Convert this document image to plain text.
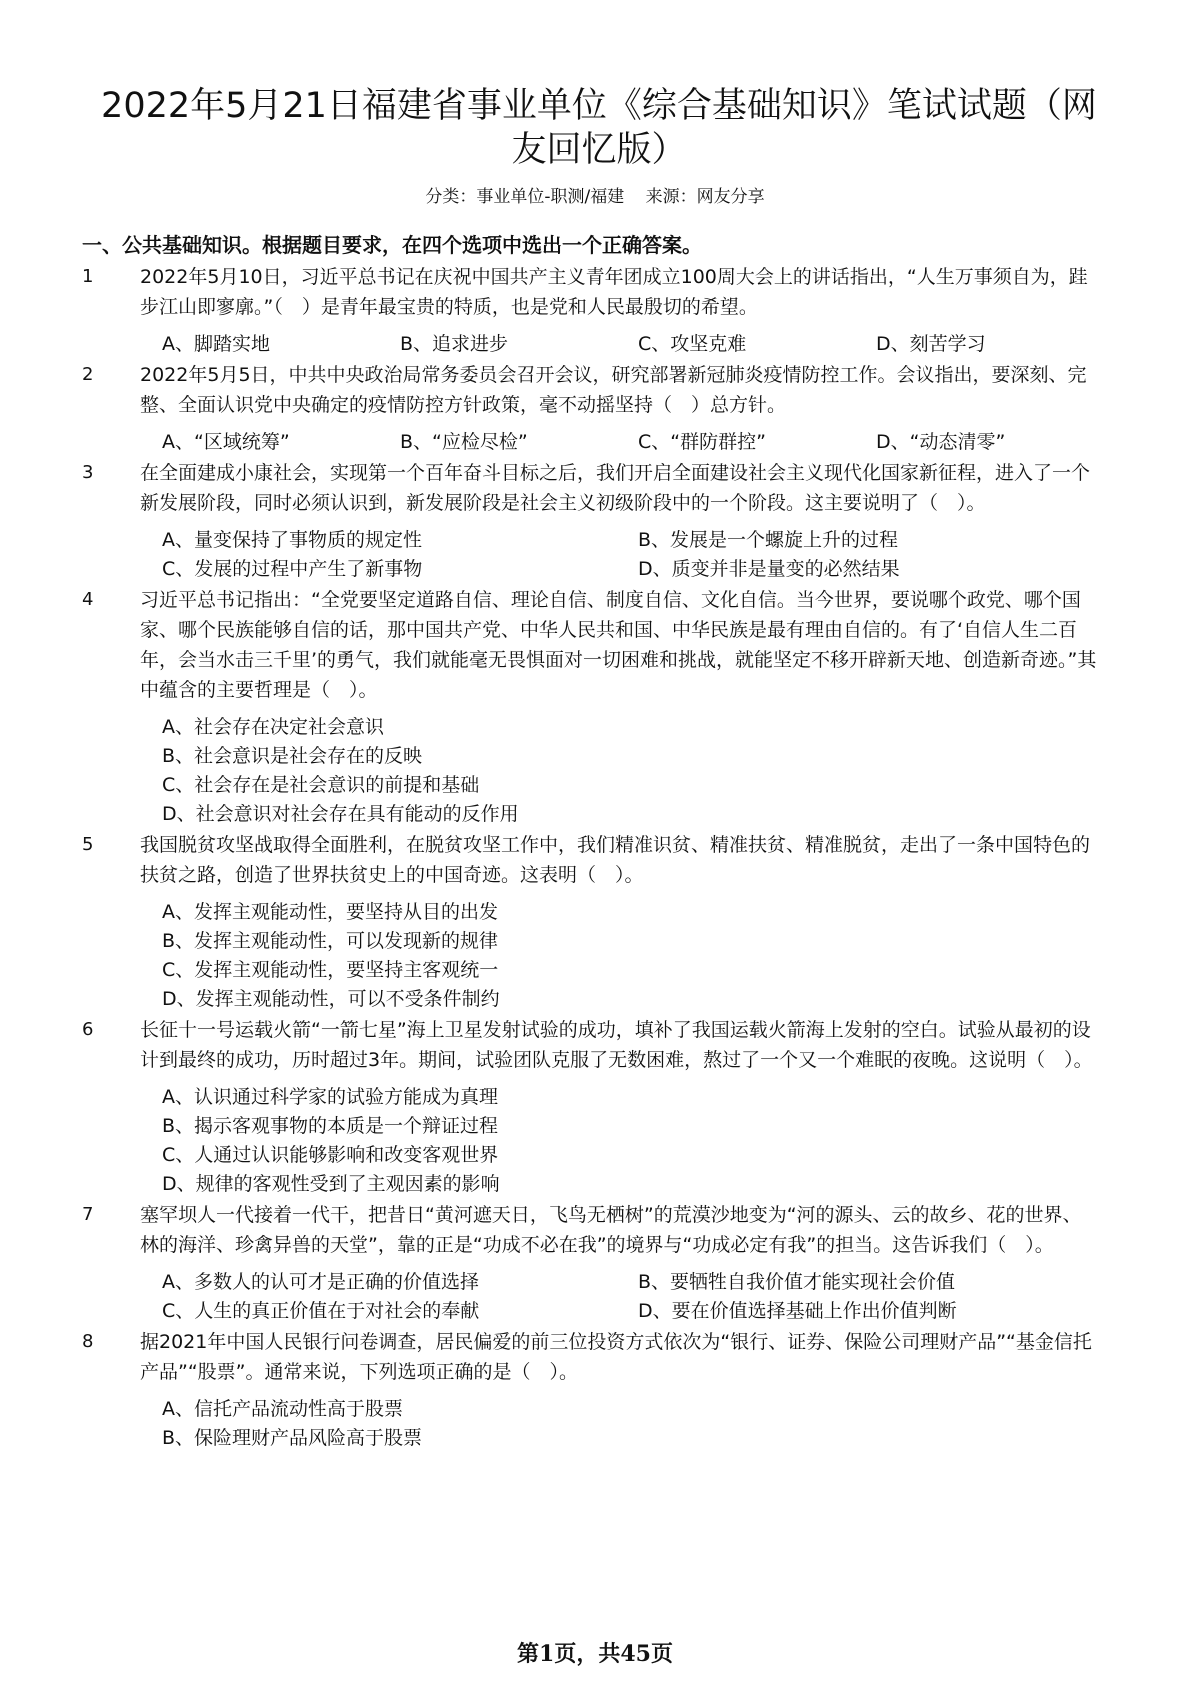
2022年5月21日福建省事业单位《综合基础知识》笔试试题（网友回忆版）
分类：事业单位-职测/福建 来源：网友分享
一、公共基础知识。根据题目要求，在四个选项中选出一个正确答案。
1 2022年5月10日，习近平总书记在庆祝中国共产主义青年团成立100周大会上的讲话指出，“人生万事须自为，跬步江山即寥廓。”（　）是青年最宝贵的特质，也是党和人民最殷切的希望。
A、脚踏实地	B、追求进步	C、攻坚克难	D、刻苦学习
2 2022年5月5日，中共中央政治局常务委员会召开会议，研究部署新冠肺炎疫情防控工作。会议指出，要深刻、完整、全面认识党中央确定的疫情防控方针政策，毫不动摇坚持（　）总方针。
A、“区域统筹”	B、“应检尽检”	C、“群防群控”	D、“动态清零”
3 在全面建成小康社会，实现第一个百年奋斗目标之后，我们开启全面建设社会主义现代化国家新征程，进入了一个新发展阶段，同时必须认识到，新发展阶段是社会主义初级阶段中的一个阶段。这主要说明了（　）。
A、量变保持了事物质的规定性	B、发展是一个螺旋上升的过程
C、发展的过程中产生了新事物	D、质变并非是量变的必然结果
4 习近平总书记指出：“全党要坚定道路自信、理论自信、制度自信、文化自信。当今世界，要说哪个政党、哪个国家、哪个民族能够自信的话，那中国共产党、中华人民共和国、中华民族是最有理由自信的。有了‘自信人生二百年，会当水击三千里’的勇气，我们就能毫无畏惧面对一切困难和挑战，就能坚定不移开辟新天地、创造新奇迹。”其中蕴含的主要哲理是（　）。
A、社会存在决定社会意识
B、社会意识是社会存在的反映
C、社会存在是社会意识的前提和基础
D、社会意识对社会存在具有能动的反作用
5 我国脱贫攻坚战取得全面胜利，在脱贫攻坚工作中，我们精准识贫、精准扶贫、精准脱贫，走出了一条中国特色的扶贫之路，创造了世界扶贫史上的中国奇迹。这表明（　）。
A、发挥主观能动性，要坚持从目的出发
B、发挥主观能动性，可以发现新的规律
C、发挥主观能动性，要坚持主客观统一
D、发挥主观能动性，可以不受条件制约
6 长征十一号运载火箭“一箭七星”海上卫星发射试验的成功，填补了我国运载火箭海上发射的空白。试验从最初的设计到最终的成功，历时超过3年。期间，试验团队克服了无数困难，熬过了一个又一个难眠的夜晚。这说明（　）。
A、认识通过科学家的试验方能成为真理
B、揭示客观事物的本质是一个辩证过程
C、人通过认识能够影响和改变客观世界
D、规律的客观性受到了主观因素的影响
7 塞罕坝人一代接着一代干，把昔日“黄河遮天日，飞鸟无栖树”的荒漠沙地变为“河的源头、云的故乡、花的世界、林的海洋、珍禽异兽的天堂”，靠的正是“功成不必在我”的境界与“功成必定有我”的担当。这告诉我们（　）。
A、多数人的认可才是正确的价值选择	B、要牺牲自我价值才能实现社会价值
C、人生的真正价值在于对社会的奉献	D、要在价值选择基础上作出价值判断
8 据2021年中国人民银行问卷调查，居民偏爱的前三位投资方式依次为“银行、证券、保险公司理财产品”“基金信托产品”“股票”。通常来说，下列选项正确的是（　）。
A、信托产品流动性高于股票
B、保险理财产品风险高于股票
第1页，共45页
